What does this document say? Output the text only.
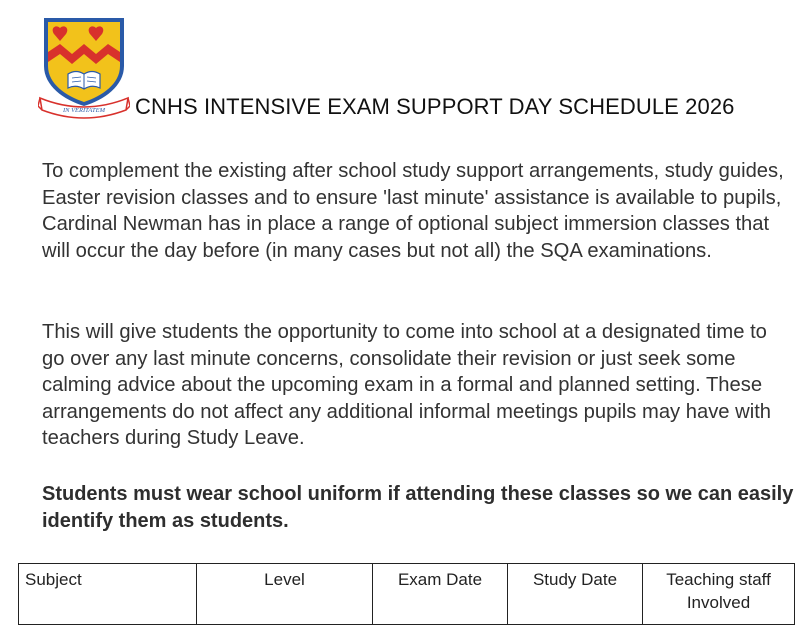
IN VERITATEM CNHS INTENSIVE EXAM SUPPORT DAY SCHEDULE 2026

To complement the existing after school study support arrangements, study guides, Easter revision classes and to ensure 'last minute' assistance is available to pupils, Cardinal Newman has in place a range of optional subject immersion classes that will occur the day before (in many cases but not all) the SQA examinations.

This will give students the opportunity to come into school at a designated time to go over any last minute concerns, consolidate their revision or just seek some calming advice about the upcoming exam in a formal and planned setting. These arrangements do not affect any additional informal meetings pupils may have with teachers during Study Leave.

Students must wear school uniform if attending these classes so we can easily identify them as students.

Subject	Level	Exam Date	Study Date	Teaching staff Involved
